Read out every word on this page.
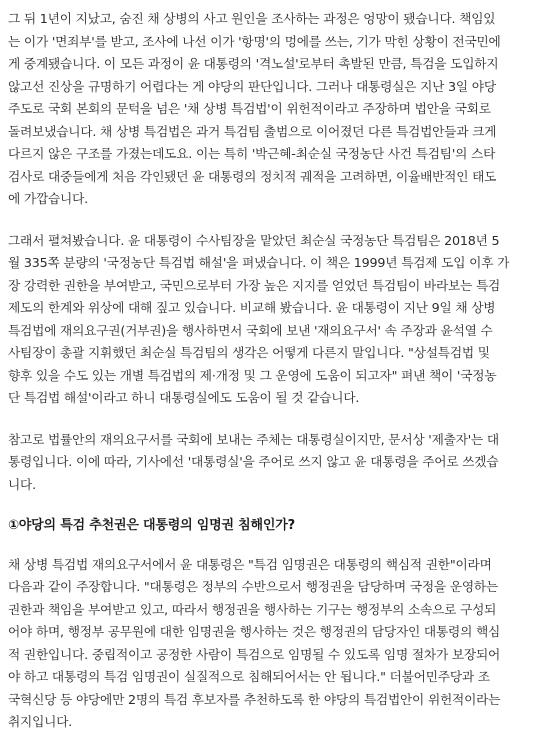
그 뒤 1년이 지났고, 숨진 채 상병의 사고 원인을 조사하는 과정은 엉망이 됐습니다. 책임있
는 이가 '면죄부'를 받고, 조사에 나선 이가 '항명'의 멍에를 쓰는, 기가 막힌 상황이 전국민에
게 중계됐습니다. 이 모든 과정이 윤 대통령의 '격노설'로부터 촉발된 만큼, 특검을 도입하지
않고선 진상을 규명하기 어렵다는 게 야당의 판단입니다. 그러나 대통령실은 지난 3일 야당
주도로 국회 본회의 문턱을 넘은 '채 상병 특검법'이 위헌적이라고 주장하며 법안을 국회로
돌려보냈습니다. 채 상병 특검법은 과거 특검팀 출범으로 이어졌던 다른 특검법안들과 크게
다르지 않은 구조를 가졌는데도요. 이는 특히 '박근혜-최순실 국정농단 사건 특검팀'의 스타
검사로 대중들에게 처음 각인됐던 윤 대통령의 정치적 궤적을 고려하면, 이율배반적인 태도
에 가깝습니다.
그래서 펼쳐봤습니다. 윤 대통령이 수사팀장을 맡았던 최순실 국정농단 특검팀은 2018년 5
월 335쪽 분량의 '국정농단 특검법 해설'을 펴냈습니다. 이 책은 1999년 특검제 도입 이후 가
장 강력한 권한을 부여받고, 국민으로부터 가장 높은 지지를 얻었던 특검팀이 바라보는 특검
제도의 한계와 위상에 대해 짚고 있습니다. 비교해 봤습니다. 윤 대통령이 지난 9일 채 상병
특검법에 재의요구권(거부권)을 행사하면서 국회에 보낸 '재의요구서' 속 주장과 윤석열 수
사팀장이 총괄 지휘했던 최순실 특검팀의 생각은 어떻게 다른지 말입니다. "상설특검법 및
향후 있을 수도 있는 개별 특검법의 제·개정 및 그 운영에 도움이 되고자" 펴낸 책이 '국정농
단 특검법 해설'이라고 하니 대통령실에도 도움이 될 것 같습니다.
참고로 법률안의 재의요구서를 국회에 보내는 주체는 대통령실이지만, 문서상 '제출자'는 대
통령입니다. 이에 따라, 기사에선 '대통령실'을 주어로 쓰지 않고 윤 대통령을 주어로 쓰겠습
니다.
①야당의 특검 추천권은 대통령의 임명권 침해인가?
채 상병 특검법 재의요구서에서 윤 대통령은 "특검 임명권은 대통령의 핵심적 권한"이라며
다음과 같이 주장합니다. "대통령은 정부의 수반으로서 행정권을 담당하며 국정을 운영하는
권한과 책임을 부여받고 있고, 따라서 행정권을 행사하는 기구는 행정부의 소속으로 구성되
어야 하며, 행정부 공무원에 대한 임명권을 행사하는 것은 행정권의 담당자인 대통령의 핵심
적 권한입니다. 중립적이고 공정한 사람이 특검으로 임명될 수 있도록 임명 절차가 보장되어
야 하고 대통령의 특검 임명권이 실질적으로 침해되어서는 안 됩니다." 더불어민주당과 조
국혁신당 등 야당에만 2명의 특검 후보자를 추천하도록 한 야당의 특검법안이 위헌적이라는
취지입니다.
